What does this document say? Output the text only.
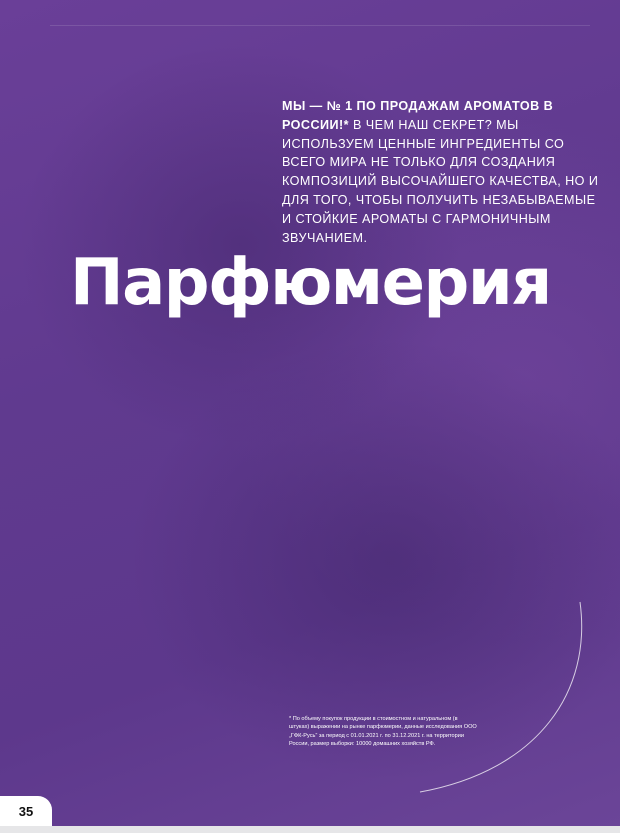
МЫ — № 1 ПО ПРОДАЖАМ АРОМАТОВ В РОССИИ!* В ЧЕМ НАШ СЕКРЕТ? МЫ ИСПОЛЬЗУЕМ ЦЕННЫЕ ИНГРЕДИЕНТЫ СО ВСЕГО МИРА НЕ ТОЛЬКО ДЛЯ СОЗДАНИЯ КОМПОЗИЦИЙ ВЫСОЧАЙШЕГО КАЧЕСТВА, НО И ДЛЯ ТОГО, ЧТОБЫ ПОЛУЧИТЬ НЕЗАБЫВАЕМЫЕ И СТОЙКИЕ АРОМАТЫ С ГАРМОНИЧНЫМ ЗВУЧАНИЕМ.
Парфюмерия
* По объему покупок продукции в стоимостном и натуральном (в штуках) выражении на рынке парфюмерии, данные исследования ООО „ГФК-Русь“ за период с 01.01.2021 г. по 31.12.2021 г. на территории России, размер выборки: 10000 домашних хозяйств РФ.
35
